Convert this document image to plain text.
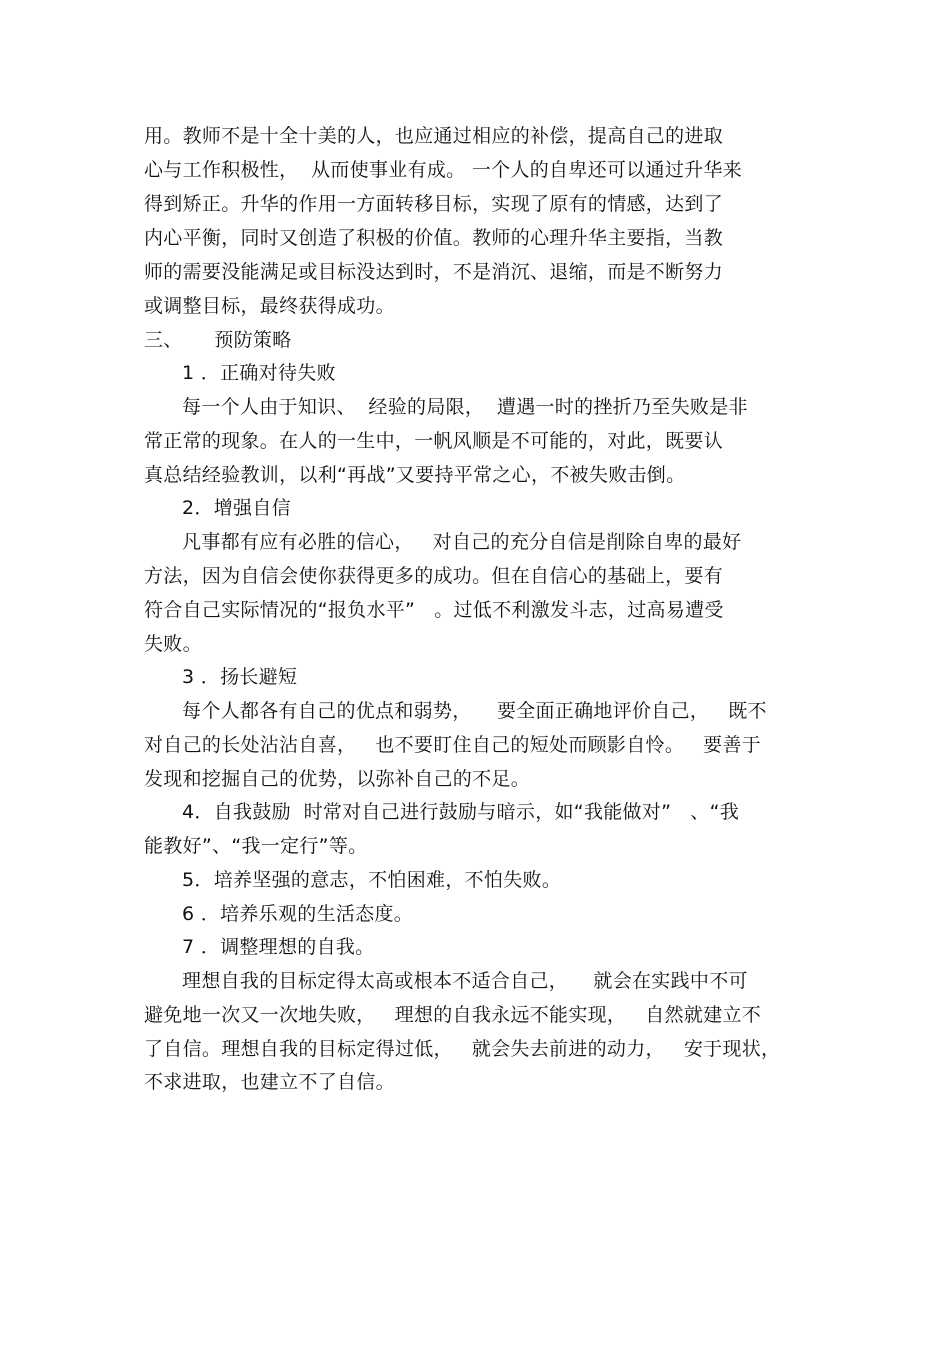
用。教师不是十全十美的人，也应通过相应的补偿，提高自己的进取
心与工作积极性，  从而使事业有成。 一个人的自卑还可以通过升华来
得到矫正。升华的作用一方面转移目标，实现了原有的情感，达到了
内心平衡，同时又创造了积极的价值。教师的心理升华主要指，当教
师的需要没能满足或目标没达到时，不是消沉、退缩，而是不断努力
或调整目标，最终获得成功。
三、     预防策略
1 ．正确对待失败
每一个人由于知识、  经验的局限，  遭遇一时的挫折乃至失败是非
常正常的现象。在人的一生中，一帆风顺是不可能的，对此，既要认
真总结经验教训，以利“再战”又要持平常之心，不被失败击倒。
2．增强自信
凡事都有应有必胜的信心，   对自己的充分自信是削除自卑的最好
方法，因为自信会使你获得更多的成功。但在自信心的基础上，要有
符合自己实际情况的“报负水平”   。过低不利激发斗志，过高易遭受
失败。
3 ．扬长避短
每个人都各有自己的优点和弱势，    要全面正确地评价自己，   既不
对自己的长处沾沾自喜，   也不要盯住自己的短处而顾影自怜。   要善于
发现和挖掘自己的优势，以弥补自己的不足。
4．自我鼓励  时常对自己进行鼓励与暗示，如“我能做对”   、“我
能教好”、“我一定行”等。
5．培养坚强的意志，不怕困难，不怕失败。
6 ．培养乐观的生活态度。
7 ．调整理想的自我。
理想自我的目标定得太高或根本不适合自己，    就会在实践中不可
避免地一次又一次地失败，   理想的自我永远不能实现，   自然就建立不
了自信。理想自我的目标定得过低，   就会失去前进的动力，   安于现状，
不求进取，也建立不了自信。
